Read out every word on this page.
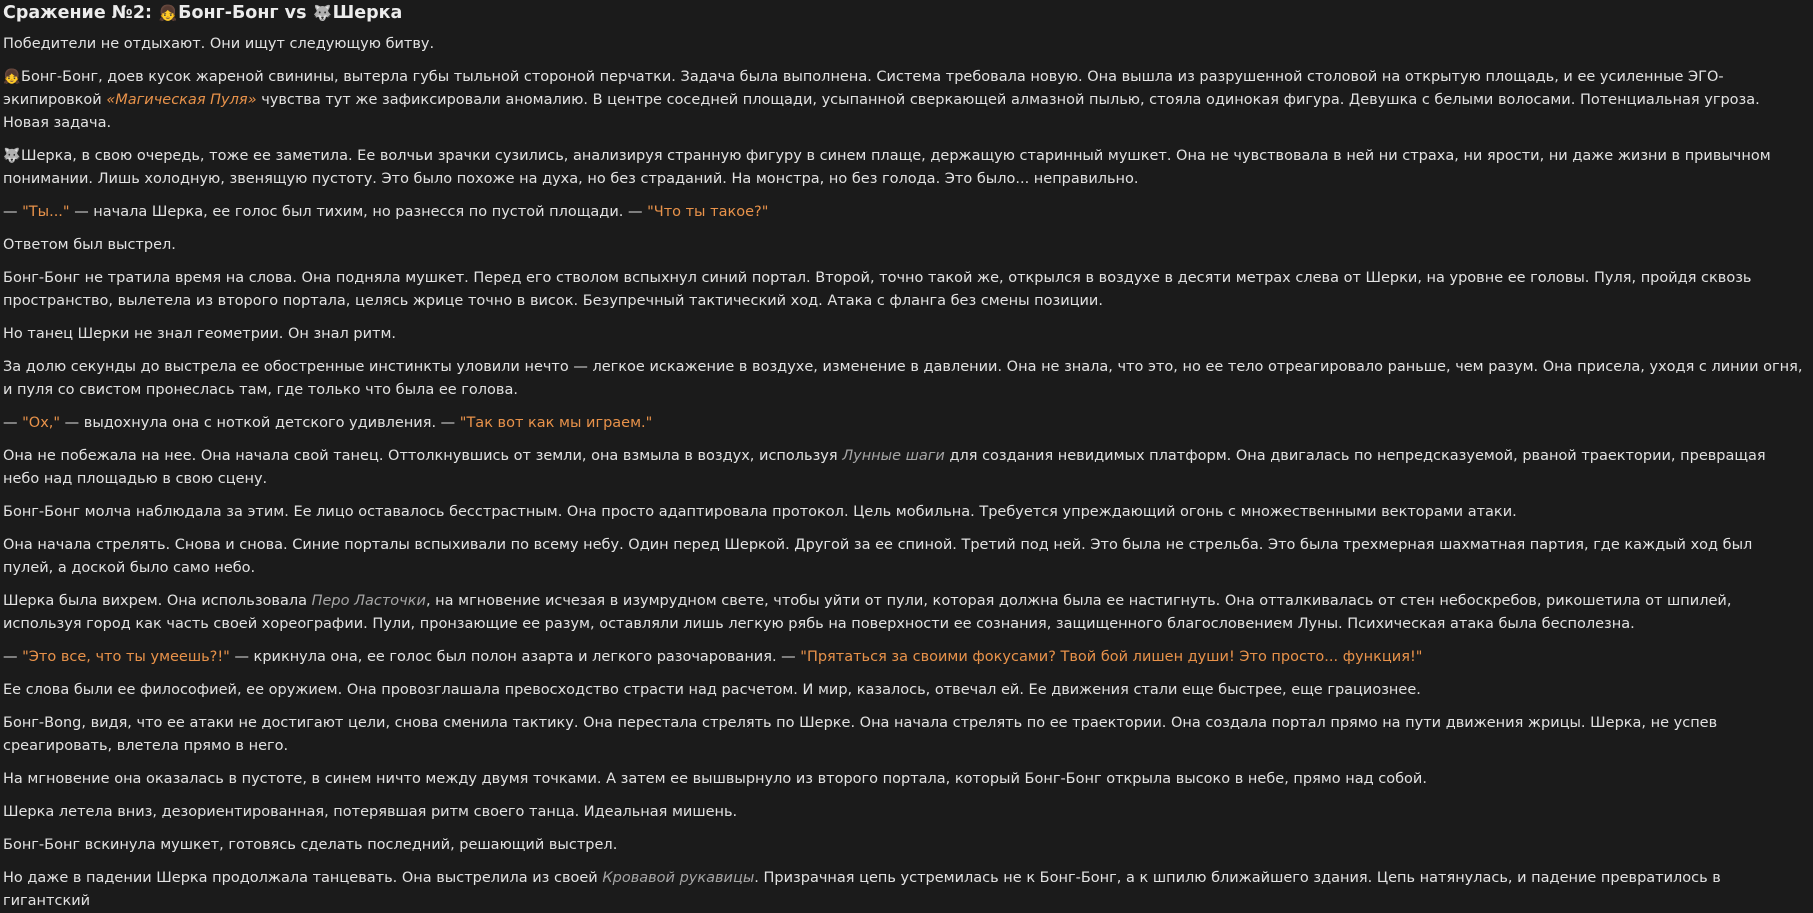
Сражение №2: 👧Бонг-Бонг vs 🐺Шерка

Победители не отдыхают. Они ищут следующую битву.

👧Бонг-Бонг, доев кусок жареной свинины, вытерла губы тыльной стороной перчатки. Задача была выполнена. Система требовала новую. Она вышла из разрушенной столовой на открытую площадь, и ее усиленные ЭГО-экипировкой «Магическая Пуля» чувства тут же зафиксировали аномалию. В центре соседней площади, усыпанной сверкающей алмазной пылью, стояла одинокая фигура. Девушка с белыми волосами. Потенциальная угроза. Новая задача.

🐺Шерка, в свою очередь, тоже ее заметила. Ее волчьи зрачки сузились, анализируя странную фигуру в синем плаще, держащую старинный мушкет. Она не чувствовала в ней ни страха, ни ярости, ни даже жизни в привычном понимании. Лишь холодную, звенящую пустоту. Это было похоже на духа, но без страданий. На монстра, но без голода. Это было... неправильно.

— "Ты..." — начала Шерка, ее голос был тихим, но разнесся по пустой площади. — "Что ты такое?"

Ответом был выстрел.

Бонг-Бонг не тратила время на слова. Она подняла мушкет. Перед его стволом вспыхнул синий портал. Второй, точно такой же, открылся в воздухе в десяти метрах слева от Шерки, на уровне ее головы. Пуля, пройдя сквозь пространство, вылетела из второго портала, целясь жрице точно в висок. Безупречный тактический ход. Атака с фланга без смены позиции.

Но танец Шерки не знал геометрии. Он знал ритм.

За долю секунды до выстрела ее обостренные инстинкты уловили нечто — легкое искажение в воздухе, изменение в давлении. Она не знала, что это, но ее тело отреагировало раньше, чем разум. Она присела, уходя с линии огня, и пуля со свистом пронеслась там, где только что была ее голова.

— "Ох," — выдохнула она с ноткой детского удивления. — "Так вот как мы играем."

Она не побежала на нее. Она начала свой танец. Оттолкнувшись от земли, она взмыла в воздух, используя Лунные шаги для создания невидимых платформ. Она двигалась по непредсказуемой, рваной траектории, превращая небо над площадью в свою сцену.

Бонг-Бонг молча наблюдала за этим. Ее лицо оставалось бесстрастным. Она просто адаптировала протокол. Цель мобильна. Требуется упреждающий огонь с множественными векторами атаки.

Она начала стрелять. Снова и снова. Синие порталы вспыхивали по всему небу. Один перед Шеркой. Другой за ее спиной. Третий под ней. Это была не стрельба. Это была трехмерная шахматная партия, где каждый ход был пулей, а доской было само небо.

Шерка была вихрем. Она использовала Перо Ласточки, на мгновение исчезая в изумрудном свете, чтобы уйти от пули, которая должна была ее настигнуть. Она отталкивалась от стен небоскребов, рикошетила от шпилей, используя город как часть своей хореографии. Пули, пронзающие ее разум, оставляли лишь легкую рябь на поверхности ее сознания, защищенного благословением Луны. Психическая атака была бесполезна.

— "Это все, что ты умеешь?!" — крикнула она, ее голос был полон азарта и легкого разочарования. — "Прятаться за своими фокусами? Твой бой лишен души! Это просто... функция!"

Ее слова были ее философией, ее оружием. Она провозглашала превосходство страсти над расчетом. И мир, казалось, отвечал ей. Ее движения стали еще быстрее, еще грациознее.

Бонг-Bong, видя, что ее атаки не достигают цели, снова сменила тактику. Она перестала стрелять по Шерке. Она начала стрелять по ее траектории. Она создала портал прямо на пути движения жрицы. Шерка, не успев среагировать, влетела прямо в него.

На мгновение она оказалась в пустоте, в синем ничто между двумя точками. А затем ее вышвырнуло из второго портала, который Бонг-Бонг открыла высоко в небе, прямо над собой.

Шерка летела вниз, дезориентированная, потерявшая ритм своего танца. Идеальная мишень.

Бонг-Бонг вскинула мушкет, готовясь сделать последний, решающий выстрел.

Но даже в падении Шерка продолжала танцевать. Она выстрелила из своей Кровавой рукавицы. Призрачная цепь устремилась не к Бонг-Бонг, а к шпилю ближайшего здания. Цепь натянулась, и падение превратилось в гигантский
